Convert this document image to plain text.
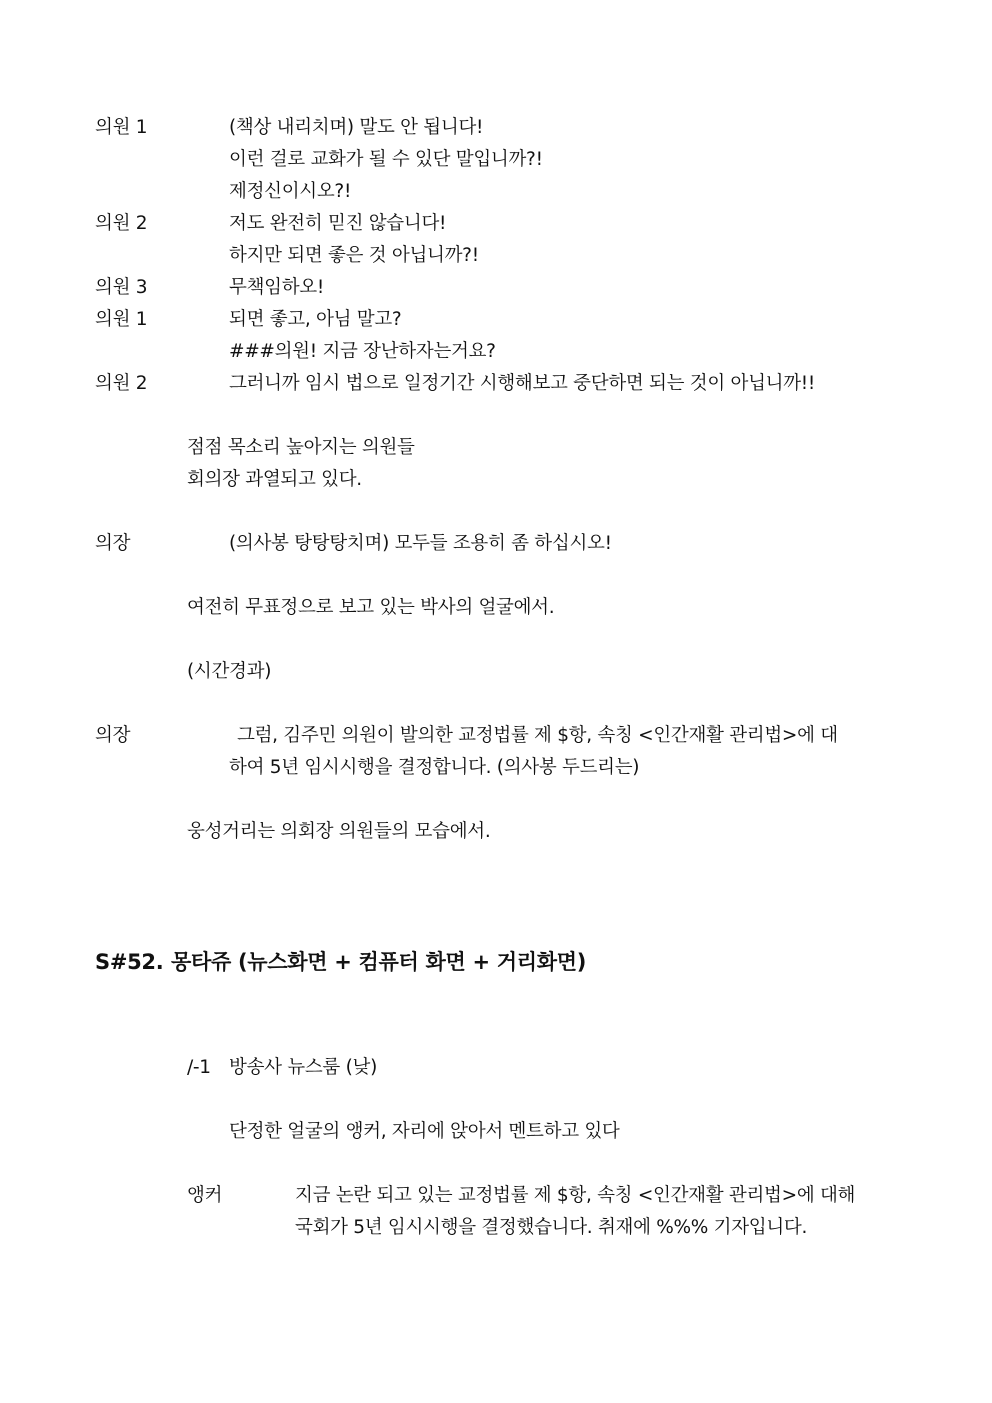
의원 1	(책상 내리치며) 말도 안 됩니다!
이런 걸로 교화가 될 수 있단 말입니까?!
제정신이시오?!
의원 2	저도 완전히 믿진 않습니다!
하지만 되면 좋은 것 아닙니까?!
의원 3	무책임하오!
의원 1	되면 좋고, 아님 말고?
###의원! 지금 장난하자는거요?
의원 2	그러니까 임시 법으로 일정기간 시행해보고 중단하면 되는 것이 아닙니까!!
점점 목소리 높아지는 의원들
회의장 과열되고 있다.
의장	(의사봉 탕탕탕치며) 모두들 조용히 좀 하십시오!
여전히 무표정으로 보고 있는 박사의 얼굴에서.
(시간경과)
의장	그럼, 김주민 의원이 발의한 교정법률 제 $항, 속칭 <인간재활 관리법>에 대
하여 5년 임시시행을 결정합니다. (의사봉 두드리는)
웅성거리는 의회장 의원들의 모습에서.
S#52. 몽타쥬 (뉴스화면 + 컴퓨터 화면 + 거리화면)
/-1 방송사 뉴스룸 (낮)
단정한 얼굴의 앵커, 자리에 앉아서 멘트하고 있다
앵커	지금 논란 되고 있는 교정법률 제 $항, 속칭 <인간재활 관리법>에 대해
국회가 5년 임시시행을 결정했습니다. 취재에 %%% 기자입니다.
